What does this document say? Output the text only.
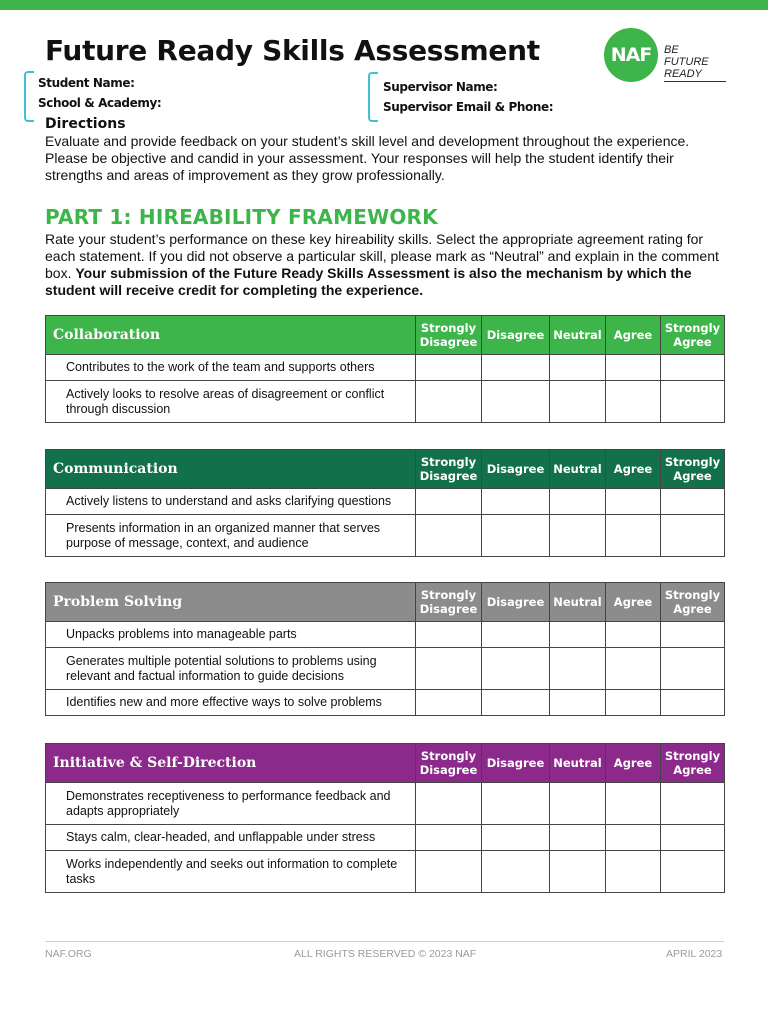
Future Ready Skills Assessment	NAF	BE FUTURE
READY
Student Name:
School & Academy:
Supervisor Name:
Supervisor Email & Phone:
Directions
Evaluate and provide feedback on your student’s skill level and development throughout the experience. Please be objective and candid in your assessment. Your responses will help the student identify their strengths and areas of improvement as they grow professionally.
PART 1: HIREABILITY FRAMEWORK
Rate your student’s performance on these key hireability skills. Select the appropriate agreement rating for each statement. If you did not observe a particular skill, please mark as “Neutral” and explain in the comment box. Your submission of the Future Ready Skills Assessment is also the mechanism by which the student will receive credit for completing the experience.
Collaboration	Strongly Disagree	Disagree	Neutral	Agree	Strongly Agree
Contributes to the work of the team and supports others					
Actively looks to resolve areas of disagreement or conflict through discussion					
Communication	Strongly Disagree	Disagree	Neutral	Agree	Strongly Agree
Actively listens to understand and asks clarifying questions					
Presents information in an organized manner that serves purpose of message, context, and audience					
Problem Solving	Strongly Disagree	Disagree	Neutral	Agree	Strongly Agree
Unpacks problems into manageable parts					
Generates multiple potential solutions to problems using relevant and factual information to guide decisions					
Identifies new and more effective ways to solve problems					
Initiative & Self-Direction	Strongly Disagree	Disagree	Neutral	Agree	Strongly Agree
Demonstrates receptiveness to performance feedback and adapts appropriately					
Stays calm, clear-headed, and unflappable under stress					
Works independently and seeks out information to complete tasks					
NAF.ORG	ALL RIGHTS RESERVED © 2023 NAF	APRIL 2023
